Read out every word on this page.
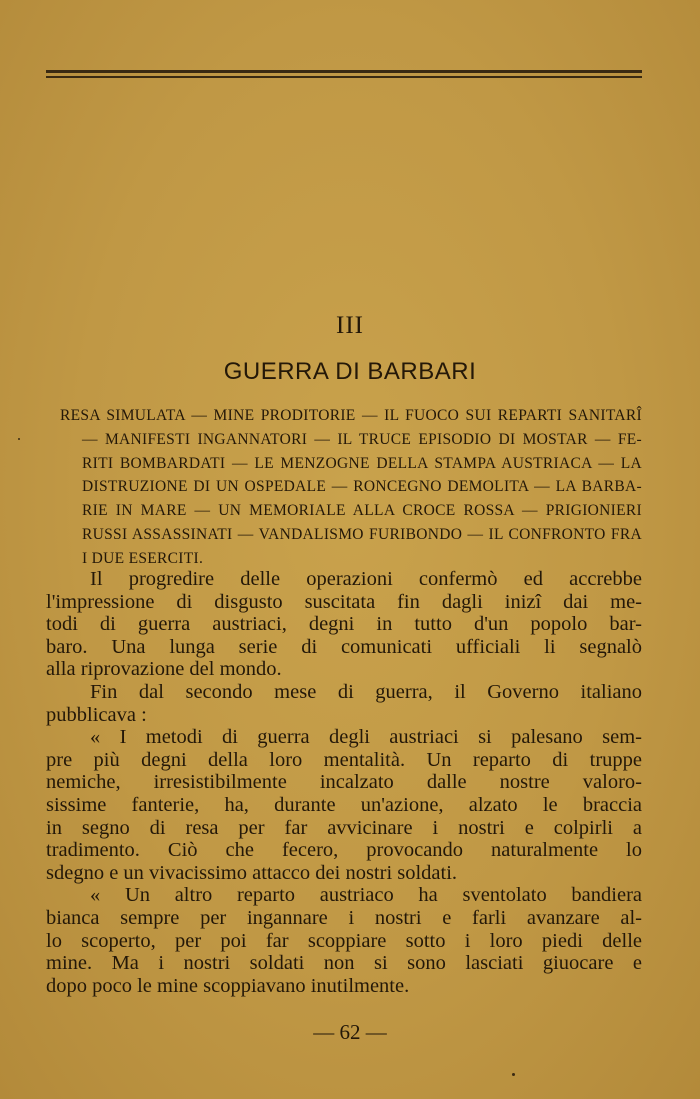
III
GUERRA DI BARBARI
RESA SIMULATA — MINE PRODITORIE — IL FUOCO SUI REPARTI SANITARÎ
— MANIFESTI INGANNATORI — IL TRUCE EPISODIO DI MOSTAR — FE-
RITI BOMBARDATI — LE MENZOGNE DELLA STAMPA AUSTRIACA — LA
DISTRUZIONE DI UN OSPEDALE — RONCEGNO DEMOLITA — LA BARBA-
RIE IN MARE — UN MEMORIALE ALLA CROCE ROSSA — PRIGIONIERI
RUSSI ASSASSINATI — VANDALISMO FURIBONDO — IL CONFRONTO FRA
I DUE ESERCITI.
Il progredire delle operazioni confermò ed accrebbe
l'impressione di disgusto suscitata fin dagli inizî dai me-
todi di guerra austriaci, degni in tutto d'un popolo bar-
baro. Una lunga serie di comunicati ufficiali li segnalò
alla riprovazione del mondo.
Fin dal secondo mese di guerra, il Governo italiano
pubblicava :
« I metodi di guerra degli austriaci si palesano sem-
pre più degni della loro mentalità. Un reparto di truppe
nemiche, irresistibilmente incalzato dalle nostre valoro-
sissime fanterie, ha, durante un'azione, alzato le braccia
in segno di resa per far avvicinare i nostri e colpirli a
tradimento. Ciò che fecero, provocando naturalmente lo
sdegno e un vivacissimo attacco dei nostri soldati.
« Un altro reparto austriaco ha sventolato bandiera
bianca sempre per ingannare i nostri e farli avanzare al-
lo scoperto, per poi far scoppiare sotto i loro piedi delle
mine. Ma i nostri soldati non si sono lasciati giuocare e
dopo poco le mine scoppiavano inutilmente.
— 62 —
